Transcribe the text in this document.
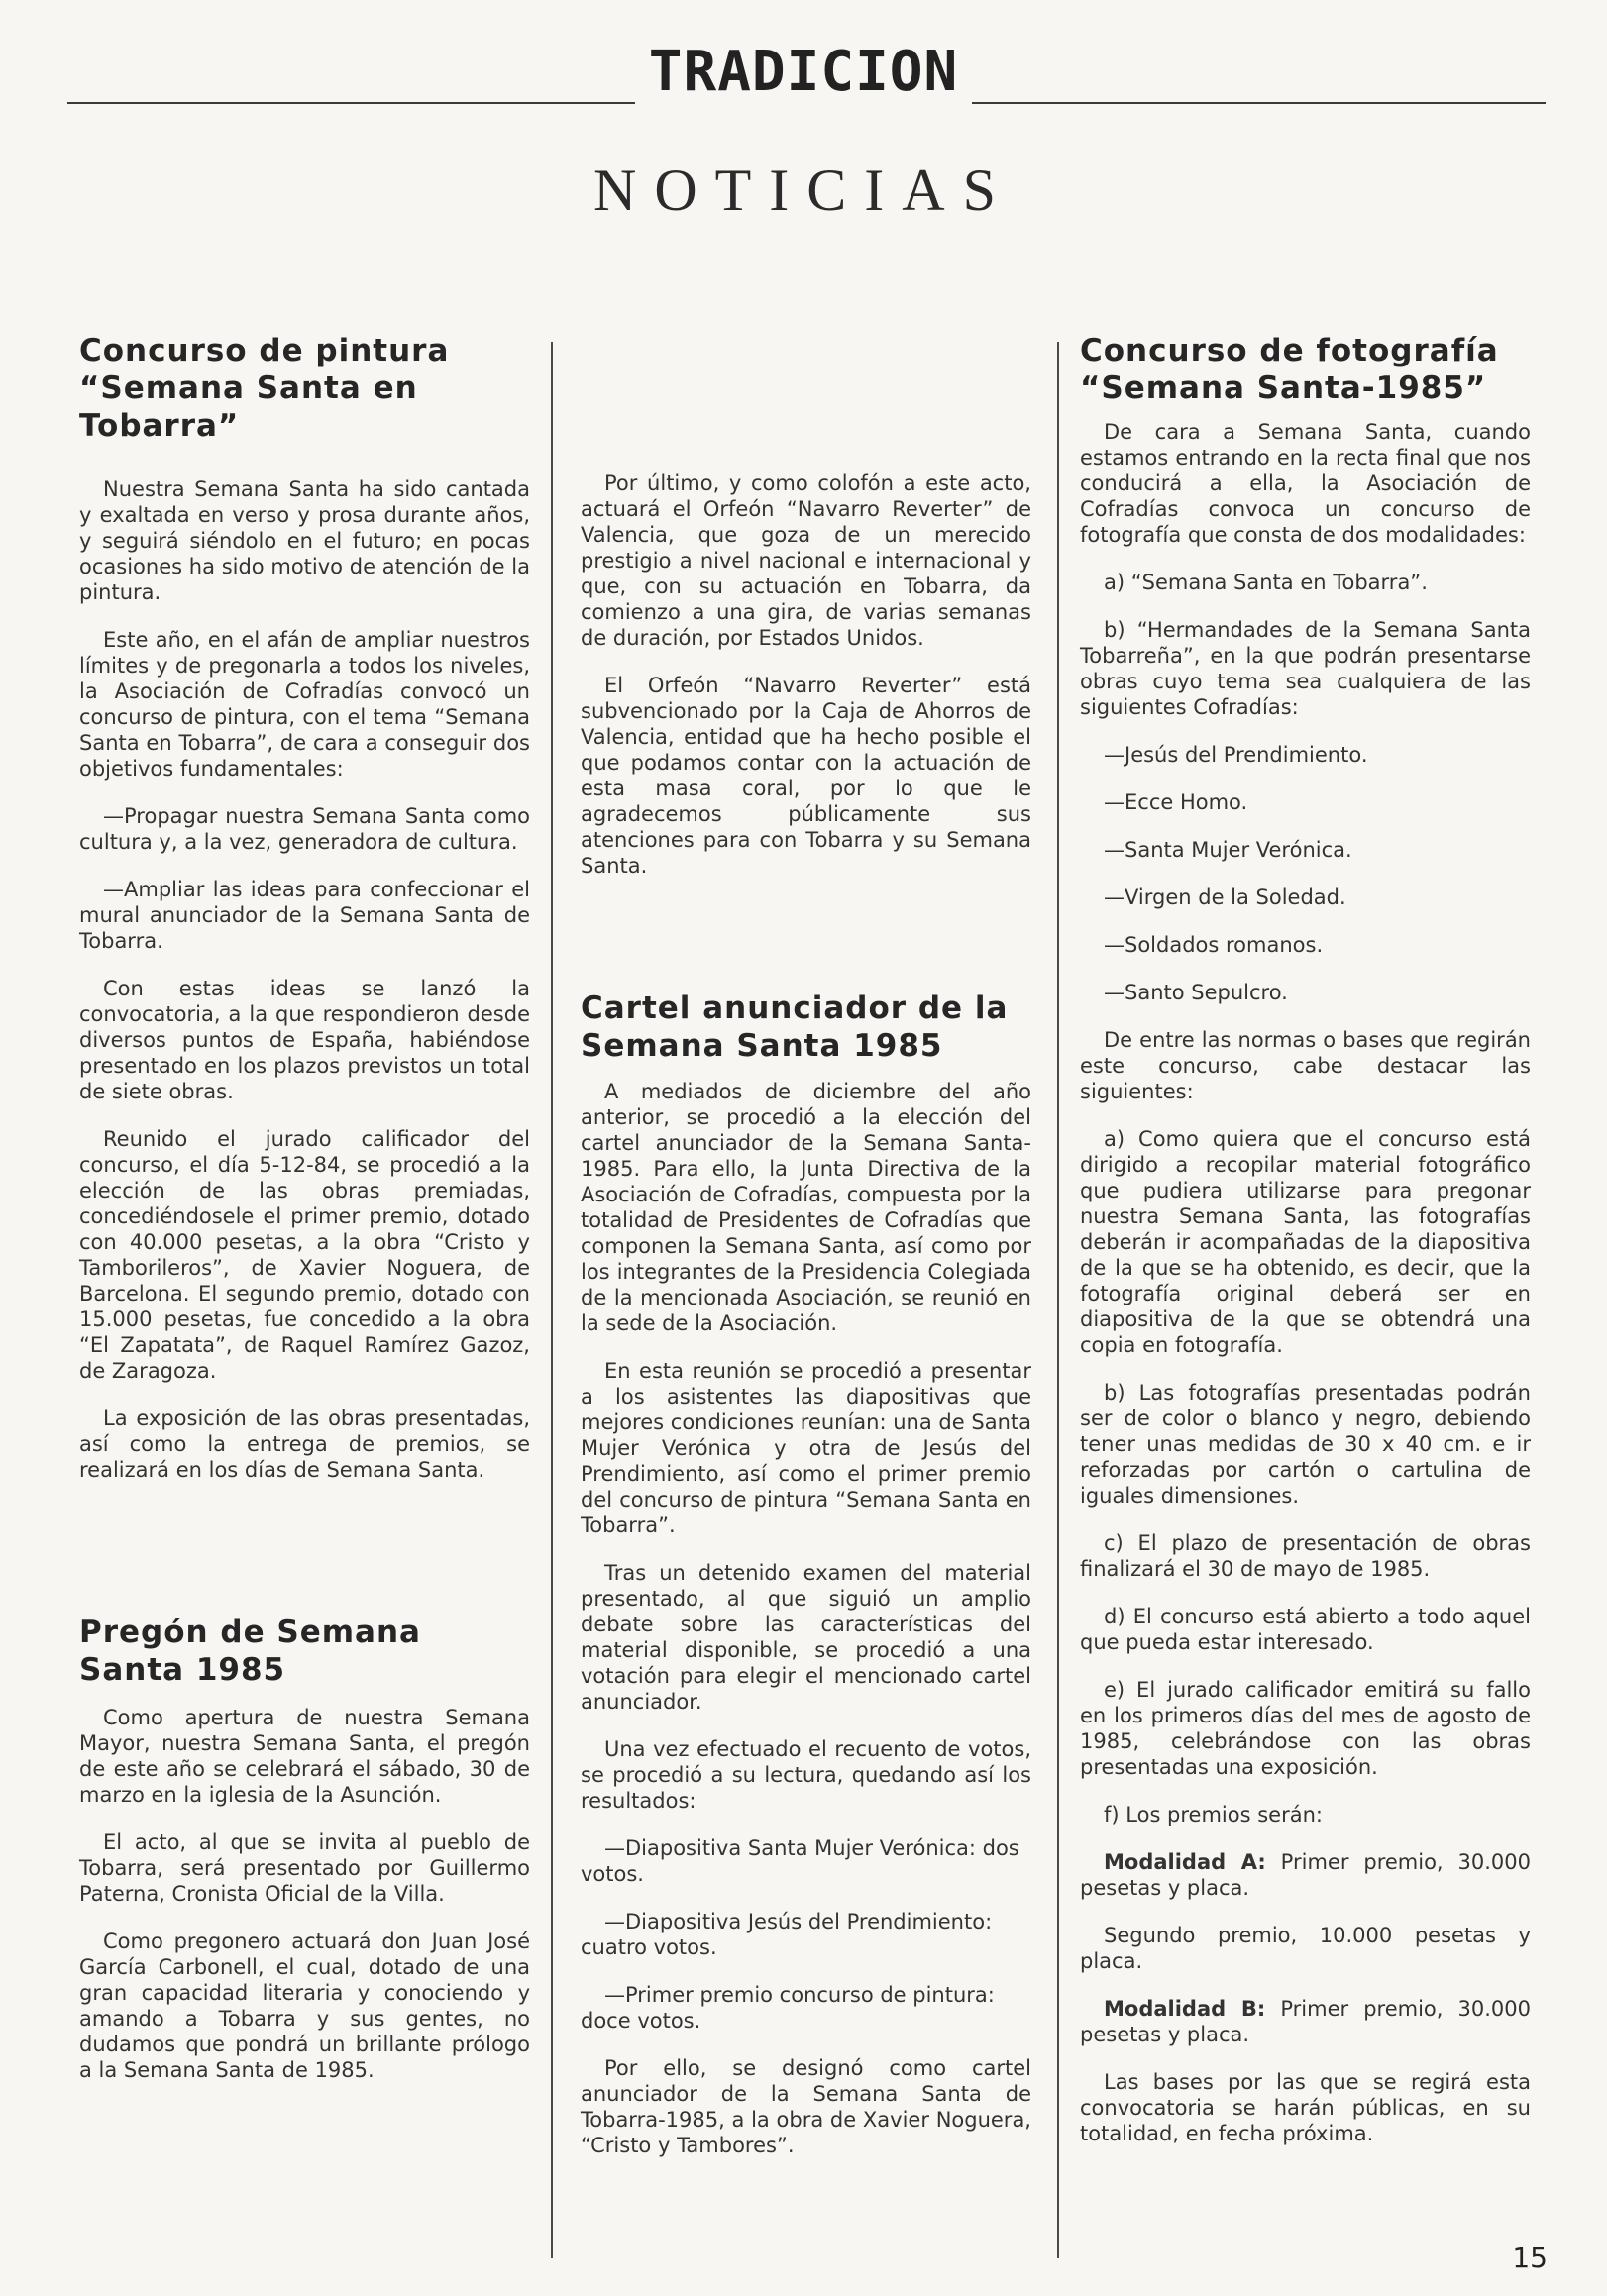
TRADICION
NOTICIAS
Concurso de pintura “Semana Santa en Tobarra”

Nuestra Semana Santa ha sido cantada y exaltada en verso y prosa durante años, y seguirá siéndolo en el futuro; en pocas ocasiones ha sido motivo de atención de la pintura.

Este año, en el afán de ampliar nuestros límites y de pregonarla a todos los niveles, la Asociación de Cofradías convocó un concurso de pintura, con el tema “Semana Santa en Tobarra”, de cara a conseguir dos objetivos fundamentales:

—Propagar nuestra Semana Santa como cultura y, a la vez, generadora de cultura.

—Ampliar las ideas para confeccionar el mural anunciador de la Semana Santa de Tobarra.

Con estas ideas se lanzó la convocatoria, a la que respondieron desde diversos puntos de España, habiéndose presentado en los plazos previstos un total de siete obras.

Reunido el jurado calificador del concurso, el día 5-12-84, se procedió a la elección de las obras premiadas, concediéndosele el primer premio, dotado con 40.000 pesetas, a la obra “Cristo y Tamborileros”, de Xavier Noguera, de Barcelona. El segundo premio, dotado con 15.000 pesetas, fue concedido a la obra “El Zapatata”, de Raquel Ramírez Gazoz, de Zaragoza.

La exposición de las obras presentadas, así como la entrega de premios, se realizará en los días de Semana Santa.

Pregón de Semana Santa 1985

Como apertura de nuestra Semana Mayor, nuestra Semana Santa, el pregón de este año se celebrará el sábado, 30 de marzo en la iglesia de la Asunción.

El acto, al que se invita al pueblo de Tobarra, será presentado por Guillermo Paterna, Cronista Oficial de la Villa.

Como pregonero actuará don Juan José García Carbonell, el cual, dotado de una gran capacidad literaria y conociendo y amando a Tobarra y sus gentes, no dudamos que pondrá un brillante prólogo a la Semana Santa de 1985.

Por último, y como colofón a este acto, actuará el Orfeón “Navarro Reverter” de Valencia, que goza de un merecido prestigio a nivel nacional e internacional y que, con su actuación en Tobarra, da comienzo a una gira, de varias semanas de duración, por Estados Unidos.

El Orfeón “Navarro Reverter” está subvencionado por la Caja de Ahorros de Valencia, entidad que ha hecho posible el que podamos contar con la actuación de esta masa coral, por lo que le agradecemos públicamente sus atenciones para con Tobarra y su Semana Santa.

Cartel anunciador de la Semana Santa 1985

A mediados de diciembre del año anterior, se procedió a la elección del cartel anunciador de la Semana Santa-1985. Para ello, la Junta Directiva de la Asociación de Cofradías, compuesta por la totalidad de Presidentes de Cofradías que componen la Semana Santa, así como por los integrantes de la Presidencia Colegiada de la mencionada Asociación, se reunió en la sede de la Asociación.

En esta reunión se procedió a presentar a los asistentes las diapositivas que mejores condiciones reunían: una de Santa Mujer Verónica y otra de Jesús del Prendimiento, así como el primer premio del concurso de pintura “Semana Santa en Tobarra”.

Tras un detenido examen del material presentado, al que siguió un amplio debate sobre las características del material disponible, se procedió a una votación para elegir el mencionado cartel anunciador.

Una vez efectuado el recuento de votos, se procedió a su lectura, quedando así los resultados:

—Diapositiva Santa Mujer Verónica: dos votos.

—Diapositiva Jesús del Prendimiento: cuatro votos.

—Primer premio concurso de pintura: doce votos.

Por ello, se designó como cartel anunciador de la Semana Santa de Tobarra-1985, a la obra de Xavier Noguera, “Cristo y Tambores”.

Concurso de fotografía “Semana Santa-1985”

De cara a Semana Santa, cuando estamos entrando en la recta final que nos conducirá a ella, la Asociación de Cofradías convoca un concurso de fotografía que consta de dos modalidades:

a) “Semana Santa en Tobarra”.

b) “Hermandades de la Semana Santa Tobarreña”, en la que podrán presentarse obras cuyo tema sea cualquiera de las siguientes Cofradías:

—Jesús del Prendimiento.

—Ecce Homo.

—Santa Mujer Verónica.

—Virgen de la Soledad.

—Soldados romanos.

—Santo Sepulcro.

De entre las normas o bases que regirán este concurso, cabe destacar las siguientes:

a) Como quiera que el concurso está dirigido a recopilar material fotográfico que pudiera utilizarse para pregonar nuestra Semana Santa, las fotografías deberán ir acompañadas de la diapositiva de la que se ha obtenido, es decir, que la fotografía original deberá ser en diapositiva de la que se obtendrá una copia en fotografía.

b) Las fotografías presentadas podrán ser de color o blanco y negro, debiendo tener unas medidas de 30 x 40 cm. e ir reforzadas por cartón o cartulina de iguales dimensiones.

c) El plazo de presentación de obras finalizará el 30 de mayo de 1985.

d) El concurso está abierto a todo aquel que pueda estar interesado.

e) El jurado calificador emitirá su fallo en los primeros días del mes de agosto de 1985, celebrándose con las obras presentadas una exposición.

f) Los premios serán:

Modalidad A: Primer premio, 30.000 pesetas y placa.

Segundo premio, 10.000 pesetas y placa.

Modalidad B: Primer premio, 30.000 pesetas y placa.

Las bases por las que se regirá esta convocatoria se harán públicas, en su totalidad, en fecha próxima.

15
